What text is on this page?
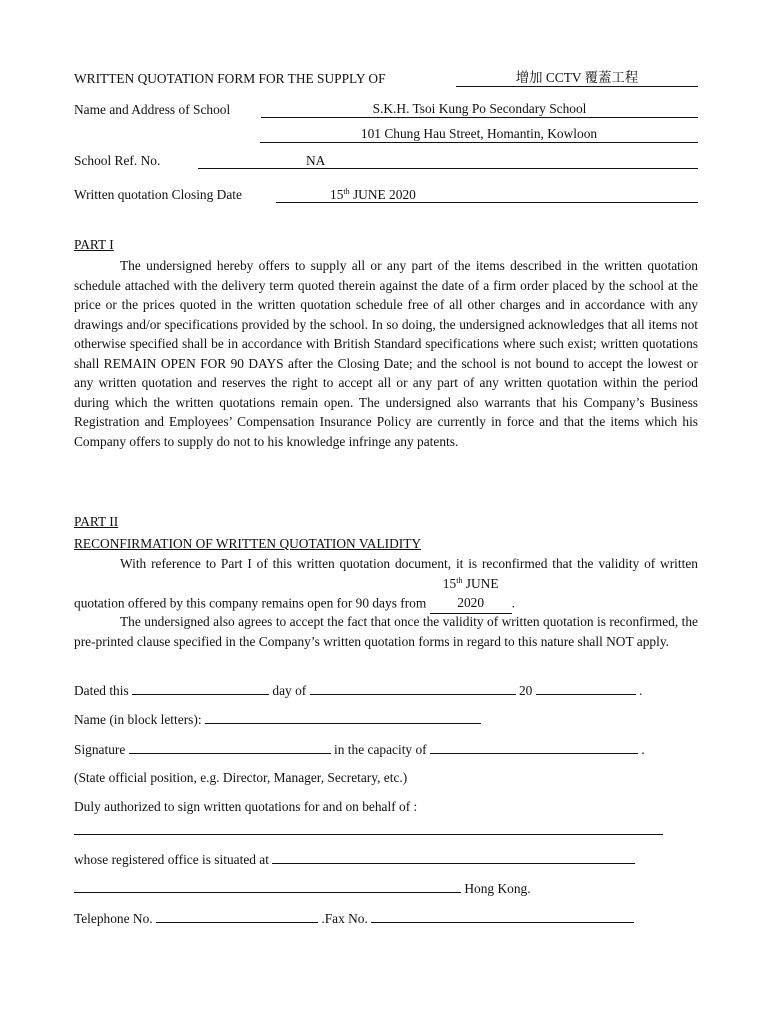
WRITTEN QUOTATION FORM FOR THE SUPPLY OF	增加 CCTV 覆蓋工程
Name and Address of School	S.K.H. Tsoi Kung Po Secondary School
101 Chung Hau Street, Homantin, Kowloon
School Ref. No.	NA
Written quotation Closing Date	15th JUNE 2020
PART I
The undersigned hereby offers to supply all or any part of the items described in the written quotation schedule attached with the delivery term quoted therein against the date of a firm order placed by the school at the price or the prices quoted in the written quotation schedule free of all other charges and in accordance with any drawings and/or specifications provided by the school. In so doing, the undersigned acknowledges that all items not otherwise specified shall be in accordance with British Standard specifications where such exist; written quotations shall REMAIN OPEN FOR 90 DAYS after the Closing Date; and the school is not bound to accept the lowest or any written quotation and reserves the right to accept all or any part of any written quotation within the period during which the written quotations remain open. The undersigned also warrants that his Company’s Business Registration and Employees’ Compensation Insurance Policy are currently in force and that the items which his Company offers to supply do not to his knowledge infringe any patents.
PART II
RECONFIRMATION OF WRITTEN QUOTATION VALIDITY
With reference to Part I of this written quotation document, it is reconfirmed that the validity of written quotation offered by this company remains open for 90 days from 15th JUNE 2020 .
The undersigned also agrees to accept the fact that once the validity of written quotation is reconfirmed, the pre-printed clause specified in the Company’s written quotation forms in regard to this nature shall NOT apply.
Dated this	day of	20	.
Name (in block letters):
Signature	in the capacity of	.
(State official position, e.g. Director, Manager, Secretary, etc.)
Duly authorized to sign written quotations for and on behalf of :
whose registered office is situated at
Hong Kong.
Telephone No.	.Fax No.
